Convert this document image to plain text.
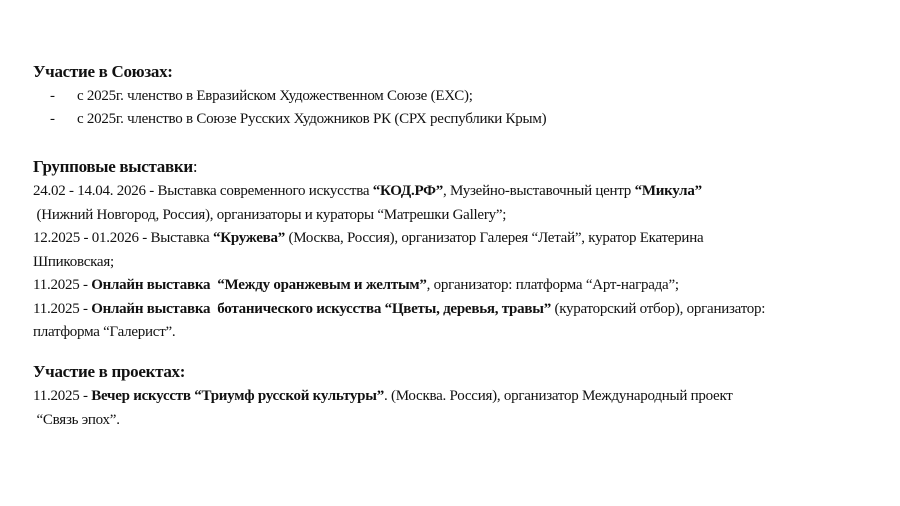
Участие в Союзах:
- с 2025г. членство в Евразийском Художественном Союзе (ЕХС);
- с 2025г. членство в Союзе Русских Художников РК (СРХ республики Крым)
Групповые выставки:
24.02 - 14.04. 2026 - Выставка современного искусства “КОД.РФ”, Музейно-выставочный центр “Микула”
(Нижний Новгород, Россия), организаторы и кураторы “Матрешки Gallery”;
12.2025 - 01.2026 - Выставка “Кружева” (Москва, Россия), организатор Галерея “Летай”, куратор Екатерина
Шпиковская;
11.2025 - Онлайн выставка  “Между оранжевым и желтым”, организатор: платформа “Арт-награда”;
11.2025 - Онлайн выставка  ботанического искусства “Цветы, деревья, травы” (кураторский отбор), организатор:
платформа “Галерист”.
Участие в проектах:
11.2025 - Вечер искусств “Триумф русской культуры”. (Москва. Россия), организатор Международный проект
“Связь эпох”.
